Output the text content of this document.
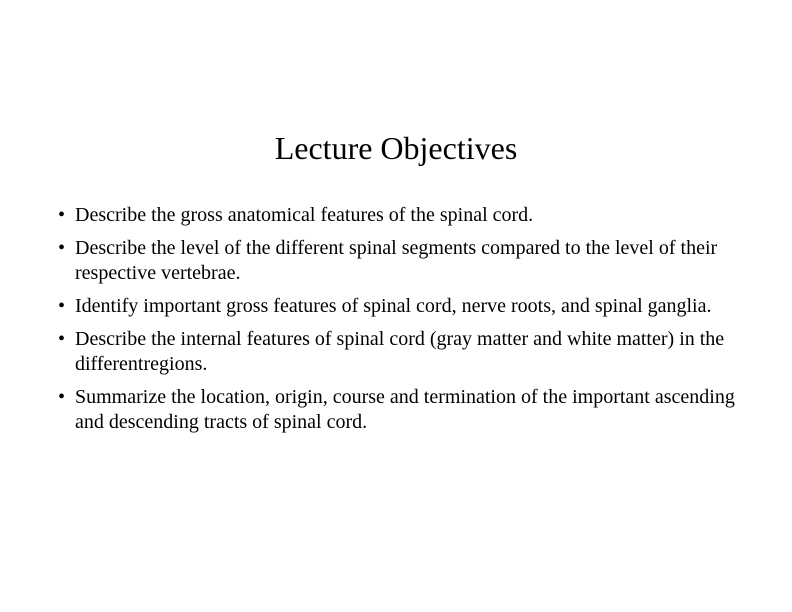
Lecture Objectives
• Describe the gross anatomical features of the spinal cord.
• Describe the level of the different spinal segments compared to the level of their respective vertebrae.
• Identify important gross features of spinal cord, nerve roots, and spinal ganglia.
• Describe the internal features of spinal cord (gray matter and white matter) in the differentregions.
• Summarize the location, origin, course and termination of the important ascending and descending tracts of spinal cord.
